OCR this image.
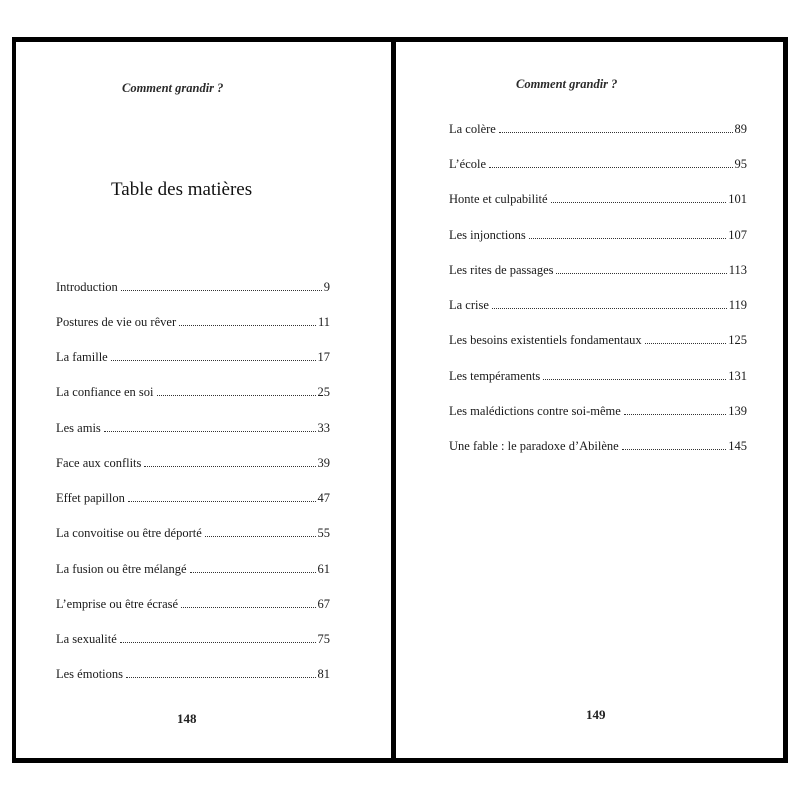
Comment grandir ?
Table des matières
Introduction	9
Postures de vie ou rêver	11
La famille	17
La confiance en soi	25
Les amis	33
Face aux conflits	39
Effet papillon	47
La convoitise ou être déporté	55
La fusion ou être mélangé	61
L’emprise ou être écrasé	67
La sexualité	75
Les émotions	81
148
Comment grandir ?
La colère	89
L’école	95
Honte et culpabilité	101
Les injonctions	107
Les rites de passages	113
La crise	119
Les besoins existentiels fondamentaux	125
Les tempéraments	131
Les malédictions contre soi-même	139
Une fable : le paradoxe d’Abilène	145
149
